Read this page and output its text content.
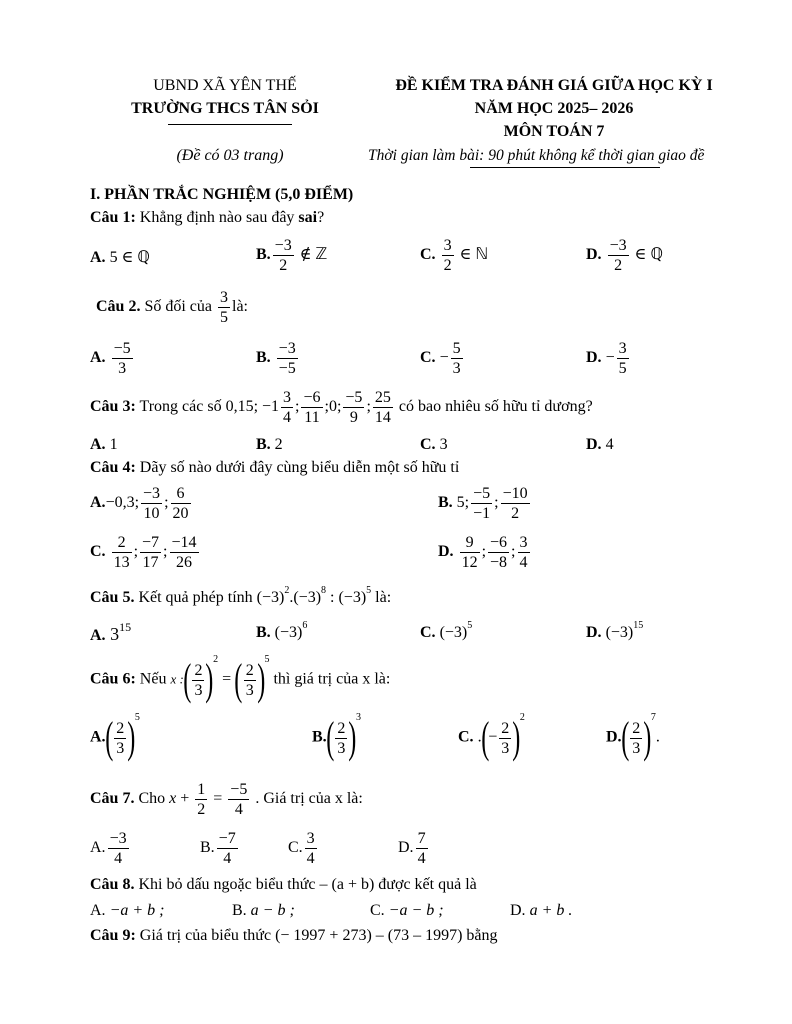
UBND XÃ YÊN THẾ
TRƯỜNG THCS TÂN SỎI
(Đề có 03 trang)
ĐỀ KIỂM TRA ĐÁNH GIÁ GIỮA HỌC KỲ I
NĂM HỌC 2025– 2026
MÔN TOÁN 7
Thời gian làm bài: 90 phút không kể thời gian giao đề
I. PHẦN TRẮC NGHIỆM (5,0 ĐIỂM)
Câu 1: Khẳng định nào sau đây sai?
A. 5 ∈ ℚ	B. $\frac{-3}{2}$ ∉ ℤ	C. $\frac{3}{2}$ ∈ ℕ	D. $\frac{-3}{2}$ ∈ ℚ
Câu 2. Số đối của $\frac{3}{5}$ là:
A. $\frac{-5}{3}$	B. $\frac{-3}{-5}$	C. − $\frac{5}{3}$	D. − $\frac{3}{5}$
Câu 3: Trong các số 0,15; $-1 \frac{3}{4}$ ; $\frac{-6}{11}$ ;0; $\frac{-5}{9}$ ; $\frac{25}{14}$ có bao nhiêu số hữu tỉ dương?
A. 1	B. 2	C. 3	D. 4
Câu 4: Dãy số nào dưới đây cùng biểu diễn một số hữu tỉ
A.−0,3; $\frac{-3}{10}$ ; $\frac{6}{20}$	B. 5; $\frac{-5}{-1}$ ; $\frac{-10}{2}$
C. $\frac{2}{13}$ ; $\frac{-7}{17}$ ; $\frac{-14}{26}$	D. $\frac{9}{12}$ ; $\frac{-6}{-8}$ ; $\frac{3}{4}$
Câu 5. Kết quả phép tính $(-3)^2.(-3)^8$ : $(-3)^5$ là:
A. $3^{15}$	B. $(-3)^6$	C. $(-3)^5$	D. $(-3)^{15}$
Câu 6: Nếu x :( $\frac{2}{3} )^2$ = ( $\frac{2}{3} )^5$ thì giá trị của x là:
$A.( \frac{2}{3} )^5$
$B.( \frac{2}{3} )^3$
C. .(− $\frac{2}{3} )^2$
$D.( \frac{2}{3} )^7$.
Câu 7. Cho $x + \frac{1}{2} = \frac{-5}{4}$ . Giá trị của x là:
A. $\frac{-3}{4}$	B. $\frac{-7}{4}$	C. $\frac{3}{4}$	D. $\frac{7}{4}$
Câu 8. Khi bỏ dấu ngoặc biểu thức – (a + b) được kết quả là
A. −a + b ;	B. a − b ;	C. −a − b ;	D. a + b .
Câu 9: Giá trị của biểu thức (− 1997 + 273) – (73 – 1997) bằng
